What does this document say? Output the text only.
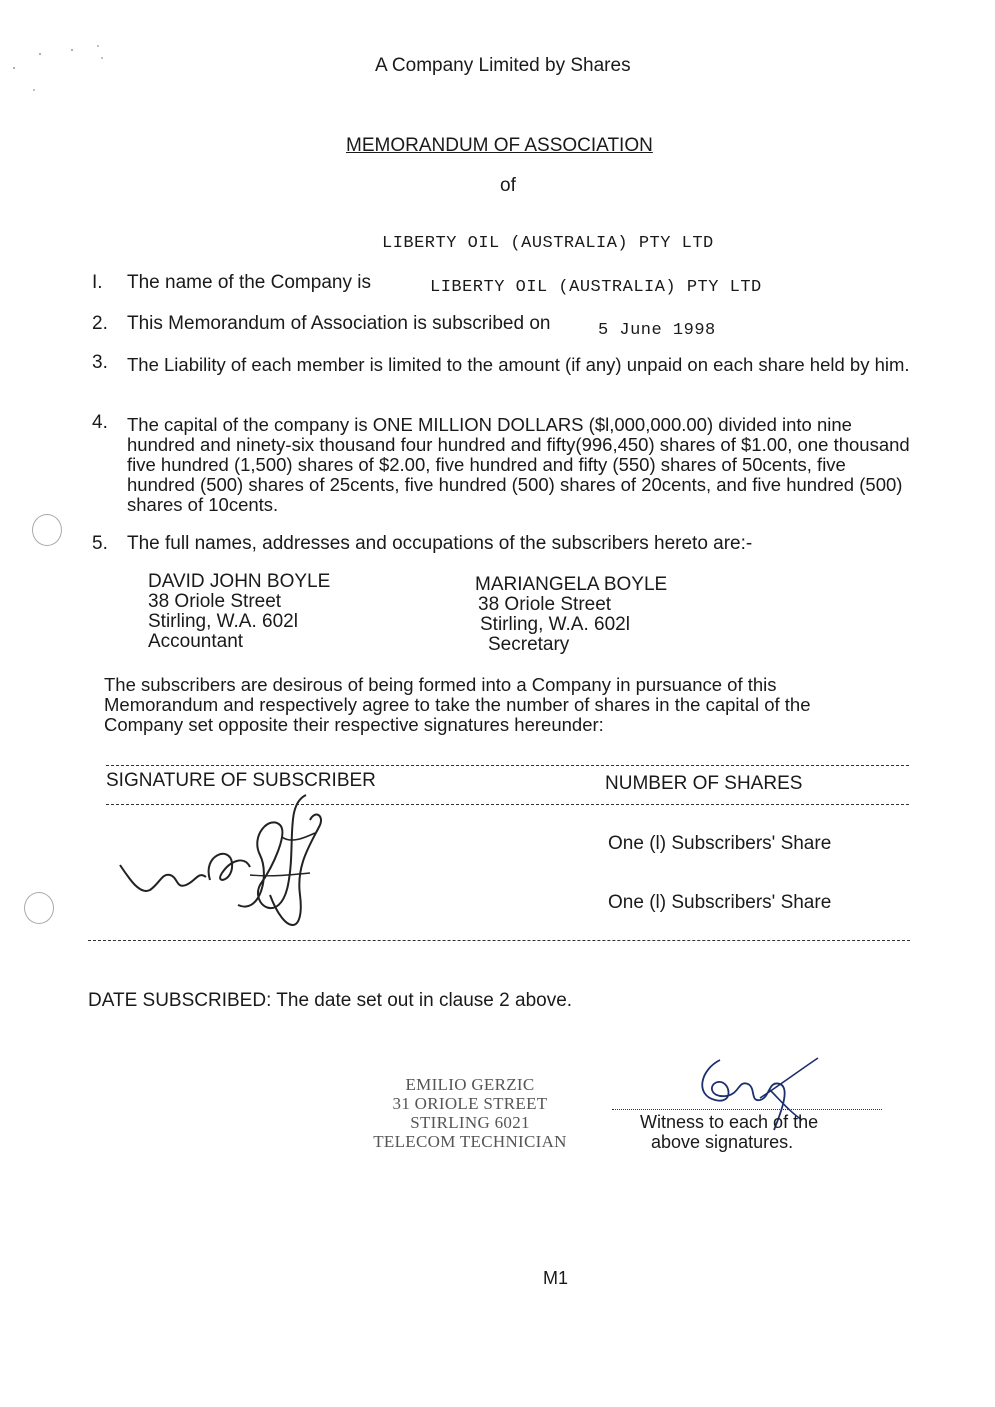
A Company Limited by Shares
MEMORANDUM OF ASSOCIATION
of
LIBERTY OIL (AUSTRALIA) PTY LTD
I. The name of the Company is	LIBERTY OIL (AUSTRALIA) PTY LTD
2. This Memorandum of Association is subscribed on	5 June 1998
3. The Liability of each member is limited to the amount (if any) unpaid on each share held by him.
4. The capital of the company is ONE MILLION DOLLARS ($l,000,000.00) divided into nine hundred and ninety-six thousand four hundred and fifty(996,450) shares of $1.00, one thousand five hundred (1,500) shares of $2.00, five hundred and fifty (550) shares of 50cents, five hundred (500) shares of 25cents, five hundred (500) shares of 20cents, and five hundred (500) shares of 10cents.
5. The full names, addresses and occupations of the subscribers hereto are:-
DAVID JOHN BOYLE
38 Oriole Street
Stirling, W.A. 602l
Accountant
MARIANGELA BOYLE
38 Oriole Street
Stirling, W.A. 602l
Secretary
The subscribers are desirous of being formed into a Company in pursuance of this Memorandum and respectively agree to take the number of shares in the capital of the Company set opposite their respective signatures hereunder:
SIGNATURE OF SUBSCRIBER	NUMBER OF SHARES
One (l) Subscribers' Share
One (l) Subscribers' Share
DATE SUBSCRIBED: The date set out in clause 2 above.
EMILIO GERZIC
31 ORIOLE STREET
STIRLING 6021
TELECOM TECHNICIAN
Witness to each of the
above signatures.
M1
